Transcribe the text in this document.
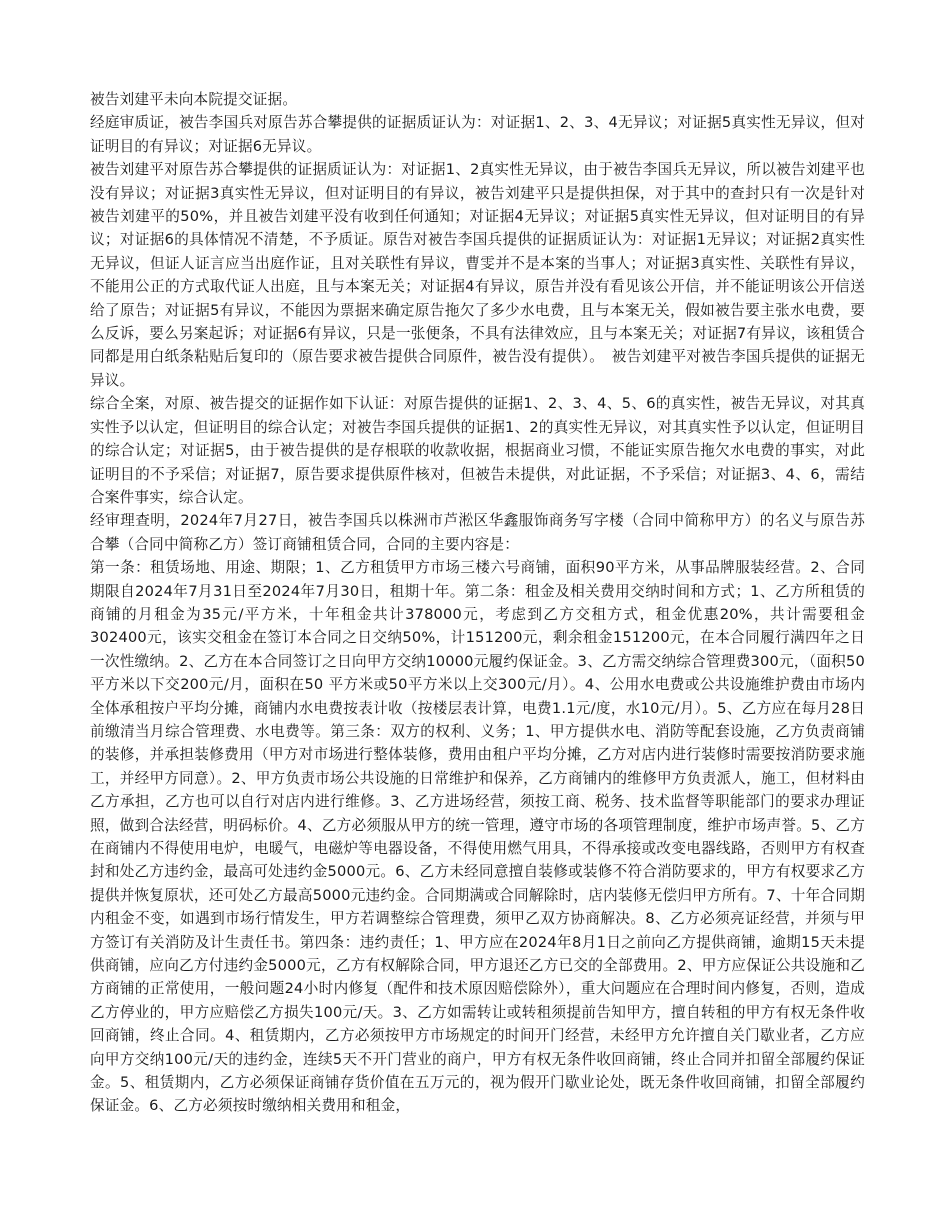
被告刘建平未向本院提交证据。

经庭审质证，被告李国兵对原告苏合攀提供的证据质证认为：对证据1、2、3、4无异议；对证据5真实性无异议，但对证明目的有异议；对证据6无异议。

被告刘建平对原告苏合攀提供的证据质证认为：对证据1、2真实性无异议，由于被告李国兵无异议，所以被告刘建平也没有异议；对证据3真实性无异议，但对证明目的有异议，被告刘建平只是提供担保，对于其中的查封只有一次是针对被告刘建平的50%，并且被告刘建平没有收到任何通知；对证据4无异议；对证据5真实性无异议，但对证明目的有异议；对证据6的具体情况不清楚，不予质证。原告对被告李国兵提供的证据质证认为：对证据1无异议；对证据2真实性无异议，但证人证言应当出庭作证，且对关联性有异议，曹雯并不是本案的当事人；对证据3真实性、关联性有异议，不能用公正的方式取代证人出庭，且与本案无关；对证据4有异议，原告并没有看见该公开信，并不能证明该公开信送给了原告；对证据5有异议，不能因为票据来确定原告拖欠了多少水电费，且与本案无关，假如被告要主张水电费，要么反诉，要么另案起诉；对证据6有异议，只是一张便条，不具有法律效应，且与本案无关；对证据7有异议，该租赁合同都是用白纸条粘贴后复印的（原告要求被告提供合同原件，被告没有提供）。　被告刘建平对被告李国兵提供的证据无异议。

综合全案，对原、被告提交的证据作如下认证：对原告提供的证据1、2、3、4、5、6的真实性，被告无异议，对其真实性予以认定，但证明目的综合认定；对被告李国兵提供的证据1、2的真实性无异议，对其真实性予以认定，但证明目的综合认定；对证据5，由于被告提供的是存根联的收款收据，根据商业习惯，不能证实原告拖欠水电费的事实，对此证明目的不予采信；对证据7，原告要求提供原件核对，但被告未提供，对此证据，不予采信；对证据3、4、6，需结合案件事实，综合认定。

经审理查明，2024年7月27日，被告李国兵以株洲市芦淞区华鑫服饰商务写字楼（合同中简称甲方）的名义与原告苏合攀（合同中简称乙方）签订商铺租赁合同，合同的主要内容是：

第一条：租赁场地、用途、期限；1、乙方租赁甲方市场三楼六号商铺，面积90平方米，从事品牌服装经营。2、合同期限自2024年7月31日至2024年7月30日，租期十年。第二条：租金及相关费用交纳时间和方式；1、乙方所租赁的商铺的月租金为35元/平方米，十年租金共计378000元，考虑到乙方交租方式，租金优惠20%，共计需要租金302400元，该实交租金在签订本合同之日交纳50%，计151200元，剩余租金151200元，在本合同履行满四年之日一次性缴纳。2、乙方在本合同签订之日向甲方交纳10000元履约保证金。3、乙方需交纳综合管理费300元，（面积50平方米以下交200元/月，面积在50 平方米或50平方米以上交300元/月）。4、公用水电费或公共设施维护费由市场内全体承租按户平均分摊，商铺内水电费按表计收（按楼层表计算，电费1.1元/度，水10元/月）。5、乙方应在每月28日前缴清当月综合管理费、水电费等。第三条：双方的权利、义务；1、甲方提供水电、消防等配套设施，乙方负责商铺的装修，并承担装修费用（甲方对市场进行整体装修，费用由租户平均分摊，乙方对店内进行装修时需要按消防要求施工，并经甲方同意）。2、甲方负责市场公共设施的日常维护和保养，乙方商铺内的维修甲方负责派人，施工，但材料由乙方承担，乙方也可以自行对店内进行维修。3、乙方进场经营，须按工商、税务、技术监督等职能部门的要求办理证照，做到合法经营，明码标价。4、乙方必须服从甲方的统一管理，遵守市场的各项管理制度，维护市场声誉。5、乙方在商铺内不得使用电炉，电暖气，电磁炉等电器设备，不得使用燃气用具，不得承接或改变电器线路，否则甲方有权查封和处乙方违约金，最高可处违约金5000元。6、乙方未经同意擅自装修或装修不符合消防要求的，甲方有权要求乙方提供并恢复原状，还可处乙方最高5000元违约金。合同期满或合同解除时，店内装修无偿归甲方所有。7、十年合同期内租金不变，如遇到市场行情发生，甲方若调整综合管理费，须甲乙双方协商解决。8、乙方必须亮证经营，并须与甲方签订有关消防及计生责任书。第四条：违约责任；1、甲方应在2024年8月1日之前向乙方提供商铺，逾期15天未提供商铺，应向乙方付违约金5000元，乙方有权解除合同，甲方退还乙方已交的全部费用。2、甲方应保证公共设施和乙方商铺的正常使用，一般问题24小时内修复（配件和技术原因赔偿除外），重大问题应在合理时间内修复，否则，造成乙方停业的，甲方应赔偿乙方损失100元/天。3、乙方如需转让或转租须提前告知甲方，擅自转租的甲方有权无条件收回商铺，终止合同。4、租赁期内，乙方必须按甲方市场规定的时间开门经营，未经甲方允许擅自关门歇业者，乙方应向甲方交纳100元/天的违约金，连续5天不开门营业的商户，甲方有权无条件收回商铺，终止合同并扣留全部履约保证金。5、租赁期内，乙方必须保证商铺存货价值在五万元的，视为假开门歇业论处，既无条件收回商铺，扣留全部履约保证金。6、乙方必须按时缴纳相关费用和租金，
